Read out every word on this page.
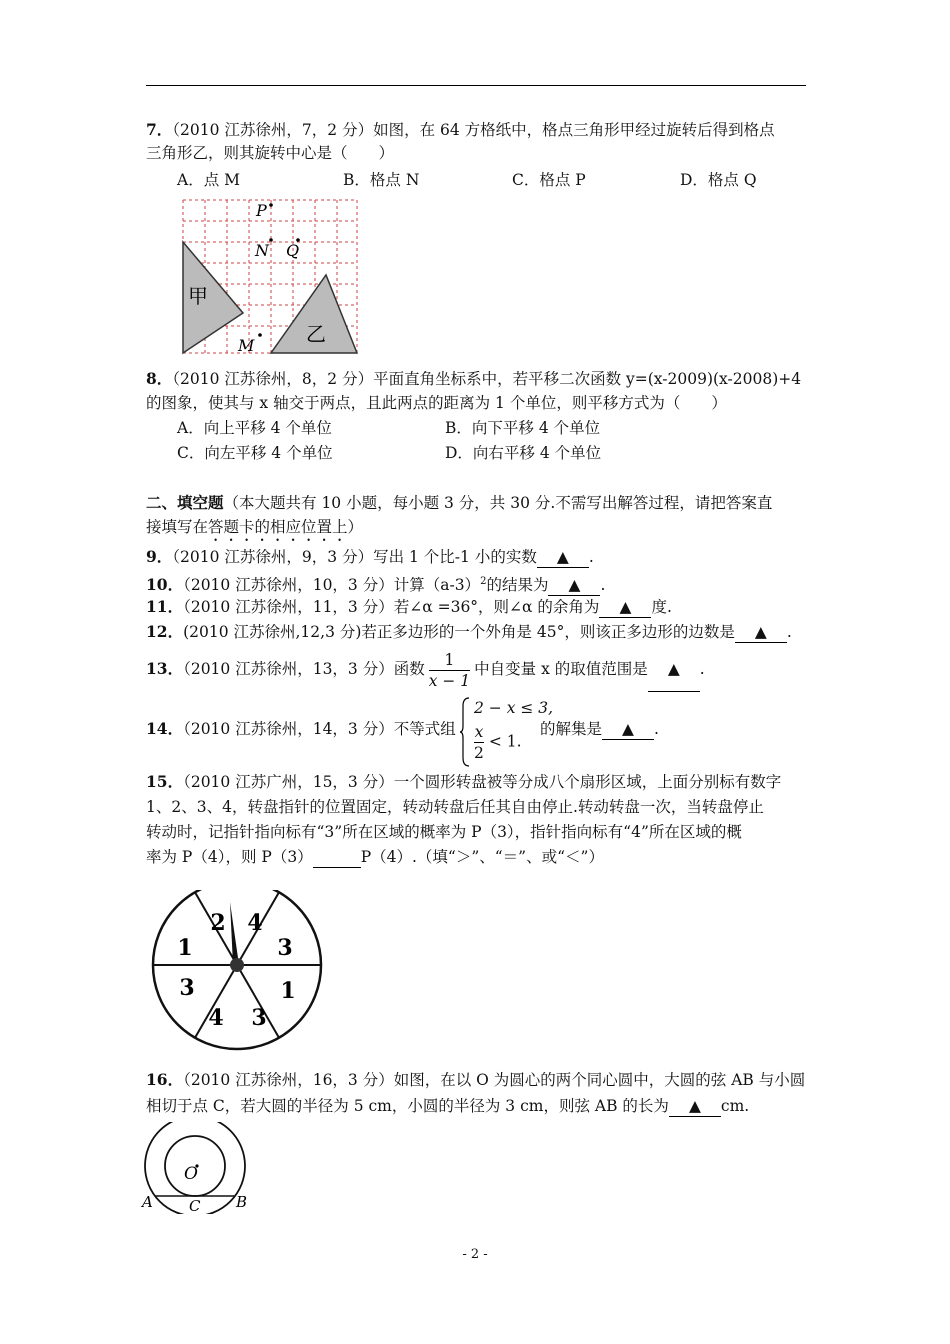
7．（2010 江苏徐州，7，2 分）如图，在 64 方格纸中，格点三角形甲经过旋转后得到格点
三角形乙，则其旋转中心是（　　）
A．点 M	B．格点 N	C．格点 P	D．格点 Q
P
N Q
M
甲
乙
8．（2010 江苏徐州，8，2 分）平面直角坐标系中，若平移二次函数 y=(x-2009)(x-2008)+4
的图象，使其与 x 轴交于两点，且此两点的距离为 1 个单位，则平移方式为（　　）
A．向上平移 4 个单位	B．向下平移 4 个单位
C．向左平移 4 个单位	D．向右平移 4 个单位
二、填空题（本大题共有 10 小题，每小题 3 分，共 30 分.不需写出解答过程，请把答案直
接填写在答题卡的相应位置上）
9．（2010 江苏徐州，9，3 分）写出 1 个比-1 小的实数 ▲ .
10．（2010 江苏徐州，10，3 分）计算$(a-3)^2$的结果为 ▲ .
11．（2010 江苏徐州，11，3 分）若∠α =36°，则∠α 的余角为 ▲ 度.
12．(2010 江苏徐州,12,3 分)若正多边形的一个外角是 45°，则该正多边形的边数是 ▲ .
13．（2010 江苏徐州，13，3 分）函数 $\frac{1}{x - 1}$ 中自变量 x 的取值范围是 ▲ .
14．（2010 江苏徐州，14，3 分）不等式组
2 − x ≤ 3,
$\frac{x}{2} < 1$.
的解集是 ▲ .
15．（2010 江苏广州，15，3 分）一个圆形转盘被等分成八个扇形区域，上面分别标有数字
1、2、3、4，转盘指针的位置固定，转动转盘后任其自由停止.转动转盘一次，当转盘停止
转动时，记指针指向标有“3”所在区域的概率为 P（3），指针指向标有“4”所在区域的概
率为 P（4），则 P（3）	P（4）.（填“＞”、“＝”、或“＜”）
2 4
3
1
3	1
3
4
16．（2010 江苏徐州，16，3 分）如图，在以 O 为圆心的两个同心圆中，大圆的弦 AB 与小圆
相切于点 C，若大圆的半径为 5 cm，小圆的半径为 3 cm，则弦 AB 的长为 ▲ cm.
O
A	B
C
- 2 -
